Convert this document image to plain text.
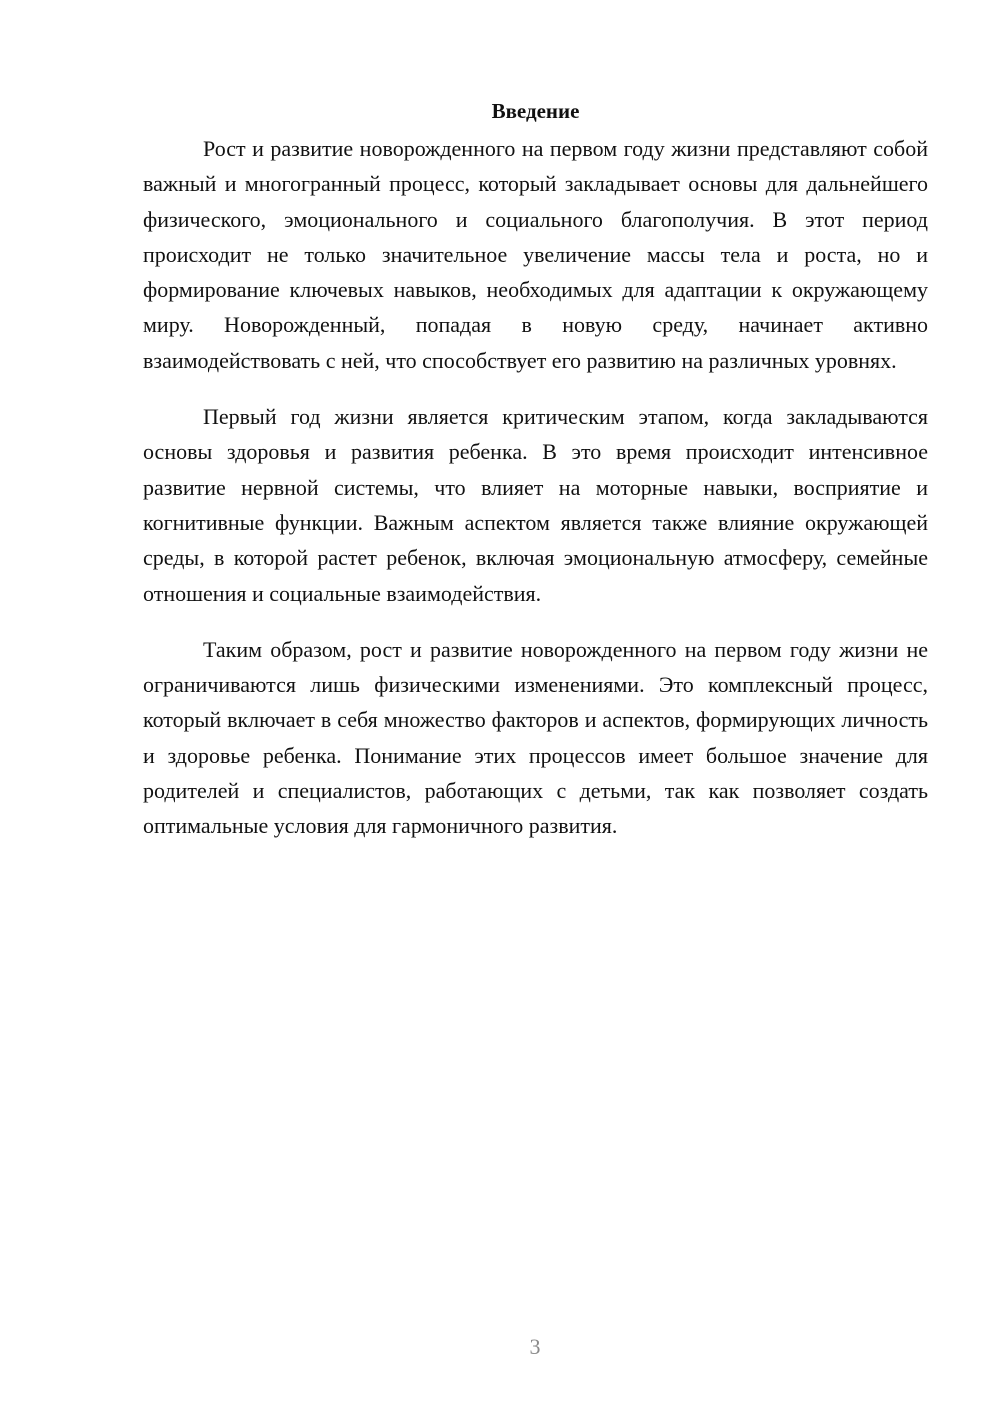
Введение

Рост и развитие новорожденного на первом году жизни представляют собой важный и многогранный процесс, который закладывает основы для дальнейшего физического, эмоционального и социального благополучия. В этот период происходит не только значительное увеличение массы тела и роста, но и формирование ключевых навыков, необходимых для адаптации к окружающему миру. Новорожденный, попадая в новую среду, начинает активно взаимодействовать с ней, что способствует его развитию на различных уровнях.

Первый год жизни является критическим этапом, когда закладываются основы здоровья и развития ребенка. В это время происходит интенсивное развитие нервной системы, что влияет на моторные навыки, восприятие и когнитивные функции. Важным аспектом является также влияние окружающей среды, в которой растет ребенок, включая эмоциональную атмосферу, семейные отношения и социальные взаимодействия.

Таким образом, рост и развитие новорожденного на первом году жизни не ограничиваются лишь физическими изменениями. Это комплексный процесс, который включает в себя множество факторов и аспектов, формирующих личность и здоровье ребенка. Понимание этих процессов имеет большое значение для родителей и специалистов, работающих с детьми, так как позволяет создать оптимальные условия для гармоничного развития.

3
